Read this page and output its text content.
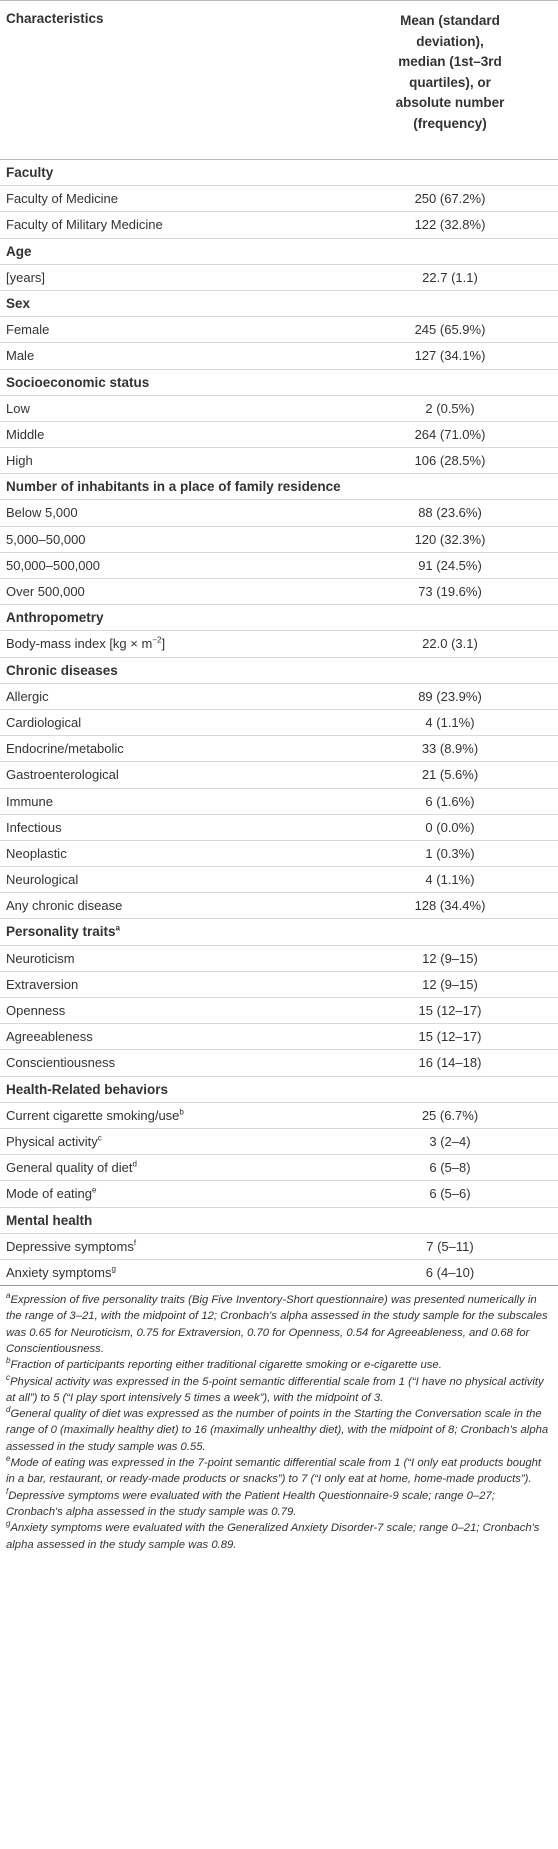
Characteristics	Mean (standard
deviation),
median (1st–3rd
quartiles), or
absolute number
(frequency)
Faculty
Faculty of Medicine	250 (67.2%)
Faculty of Military Medicine	122 (32.8%)
Age
[years]	22.7 (1.1)
Sex
Female	245 (65.9%)
Male	127 (34.1%)
Socioeconomic status
Low	2 (0.5%)
Middle	264 (71.0%)
High	106 (28.5%)
Number of inhabitants in a place of family residence
Below 5,000	88 (23.6%)
5,000–50,000	120 (32.3%)
50,000–500,000	91 (24.5%)
Over 500,000	73 (19.6%)
Anthropometry
Body-mass index $[kg \times m^{-2}]$	22.0 (3.1)
Chronic diseases
Allergic	89 (23.9%)
Cardiological	4 (1.1%)
Endocrine/metabolic	33 (8.9%)
Gastroenterological	21 (5.6%)
Immune	6 (1.6%)
Infectious	0 (0.0%)
Neoplastic	1 (0.3%)
Neurological	4 (1.1%)
Any chronic disease	128 (34.4%)
Personality traits$^a$
Neuroticism	12 (9–15)
Extraversion	12 (9–15)
Openness	15 (12–17)
Agreeableness	15 (12–17)
Conscientiousness	16 (14–18)
Health-Related behaviors
Current cigarette smoking/use$^b$	25 (6.7%)
Physical activity$^c$	3 (2–4)
General quality of diet$^d$	6 (5–8)
Mode of eating$^e$	6 (5–6)
Mental health
Depressive symptoms$^f$	7 (5–11)
Anxiety symptoms$^g$	6 (4–10)

$^a$Expression of five personality traits (Big Five Inventory-Short questionnaire) was presented numerically in the range of 3–21, with the midpoint of 12; Cronbach's alpha assessed in the study sample for the subscales was 0.65 for Neuroticism, 0.75 for Extraversion, 0.70 for Openness, 0.54 for Agreeableness, and 0.68 for Conscientiousness.

$^b$Fraction of participants reporting either traditional cigarette smoking or e-cigarette use.

$^c$Physical activity was expressed in the 5-point semantic differential scale from 1 (“I have no physical activity at all”) to 5 (“I play sport intensively 5 times a week”), with the midpoint of 3.

$^d$General quality of diet was expressed as the number of points in the Starting the Conversation scale in the range of 0 (maximally healthy diet) to 16 (maximally unhealthy diet), with the midpoint of 8; Cronbach's alpha assessed in the study sample was 0.55.

$^e$Mode of eating was expressed in the 7-point semantic differential scale from 1 (“I only eat products bought in a bar, restaurant, or ready-made products or snacks”) to 7 (“I only eat at home, home-made products”).

$^f$Depressive symptoms were evaluated with the Patient Health Questionnaire-9 scale; range 0–27; Cronbach's alpha assessed in the study sample was 0.79.

$^g$Anxiety symptoms were evaluated with the Generalized Anxiety Disorder-7 scale; range 0–21; Cronbach's alpha assessed in the study sample was 0.89.
